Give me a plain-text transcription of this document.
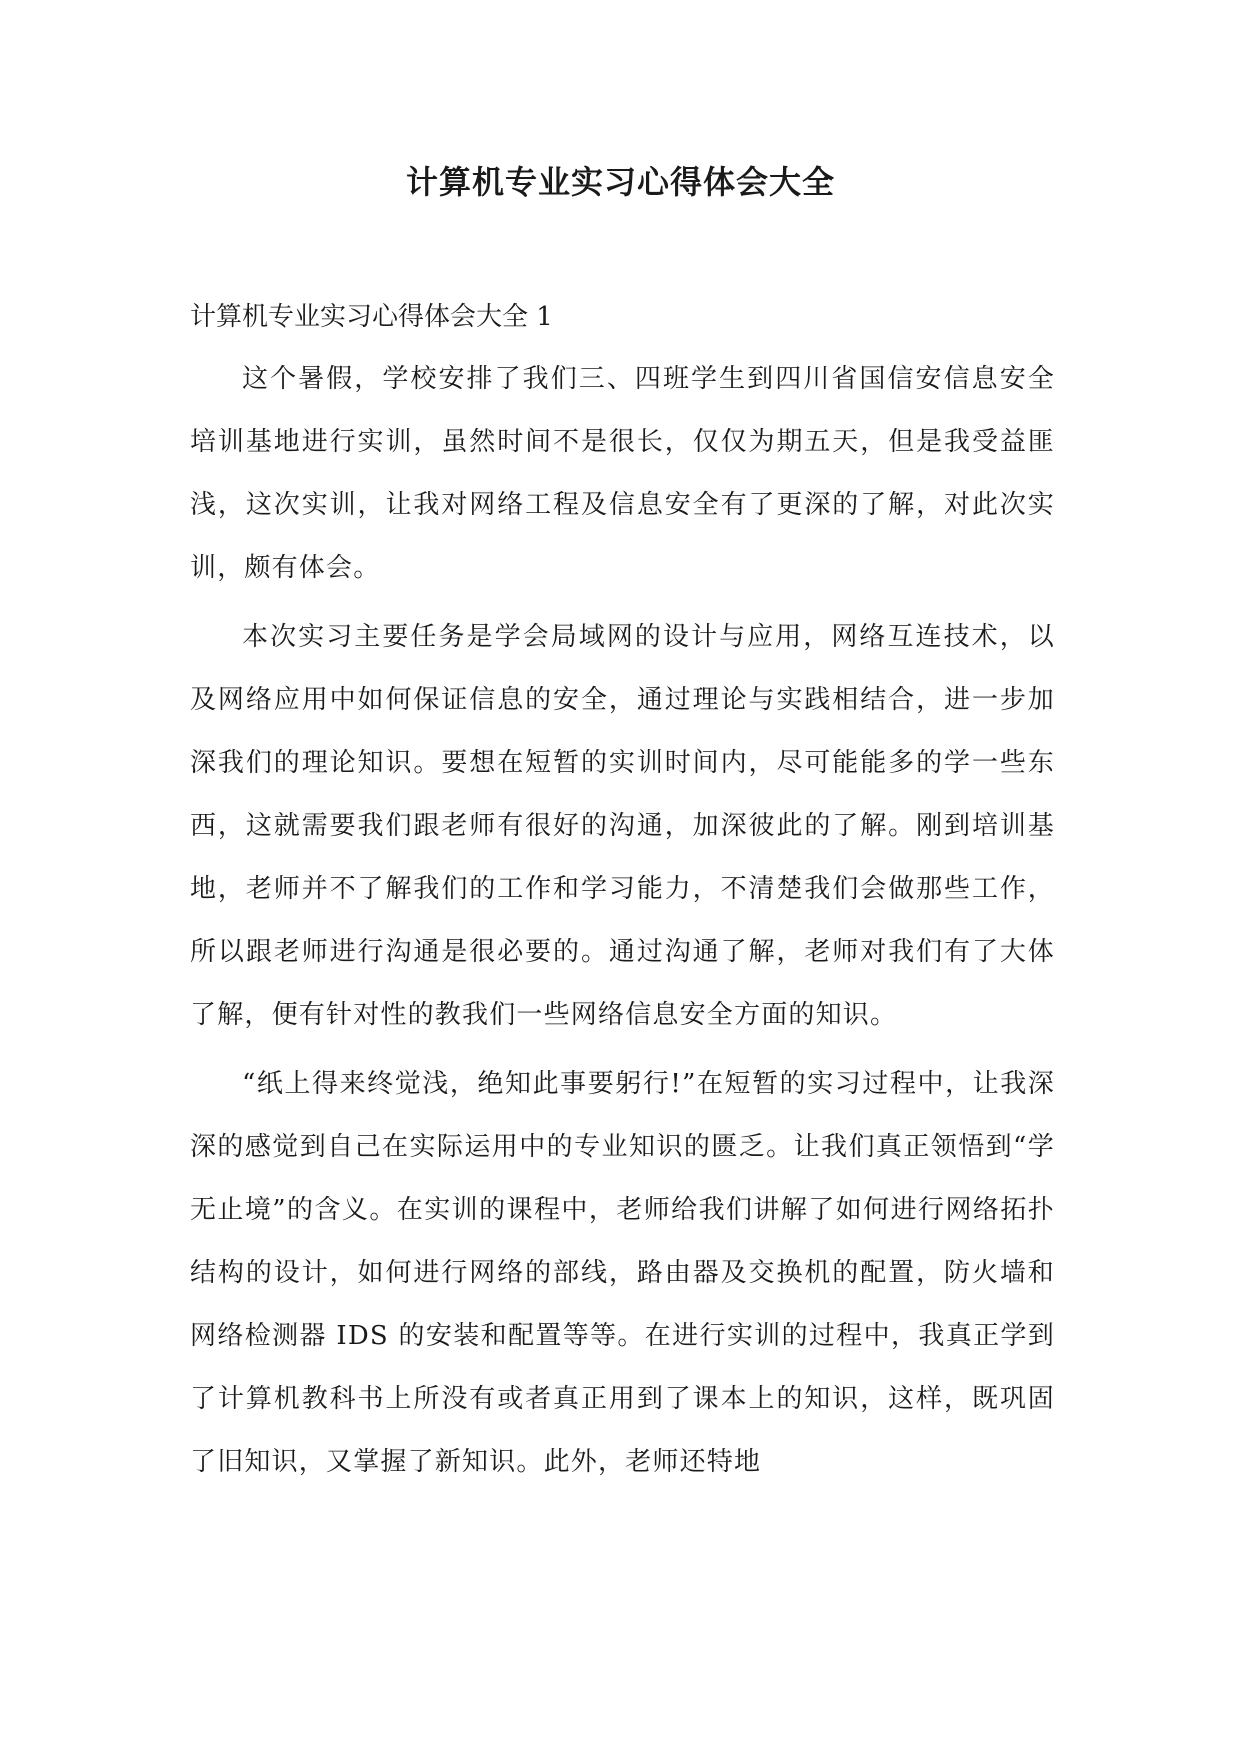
计算机专业实习心得体会大全

计算机专业实习心得体会大全 1

这个暑假，学校安排了我们三、四班学生到四川省国信安信息安全培训基地进行实训，虽然时间不是很长，仅仅为期五天，但是我受益匪浅，这次实训，让我对网络工程及信息安全有了更深的了解，对此次实训，颇有体会。

本次实习主要任务是学会局域网的设计与应用，网络互连技术，以及网络应用中如何保证信息的安全，通过理论与实践相结合，进一步加深我们的理论知识。要想在短暂的实训时间内，尽可能能多的学一些东西，这就需要我们跟老师有很好的沟通，加深彼此的了解。刚到培训基地，老师并不了解我们的工作和学习能力，不清楚我们会做那些工作，所以跟老师进行沟通是很必要的。通过沟通了解，老师对我们有了大体了解，便有针对性的教我们一些网络信息安全方面的知识。

“纸上得来终觉浅，绝知此事要躬行!”在短暂的实习过程中，让我深深的感觉到自己在实际运用中的专业知识的匮乏。让我们真正领悟到“学无止境”的含义。在实训的课程中，老师给我们讲解了如何进行网络拓扑结构的设计，如何进行网络的部线，路由器及交换机的配置，防火墙和网络检测器 IDS 的安装和配置等等。在进行实训的过程中，我真正学到了计算机教科书上所没有或者真正用到了课本上的知识，这样，既巩固了旧知识，又掌握了新知识。此外，老师还特地
